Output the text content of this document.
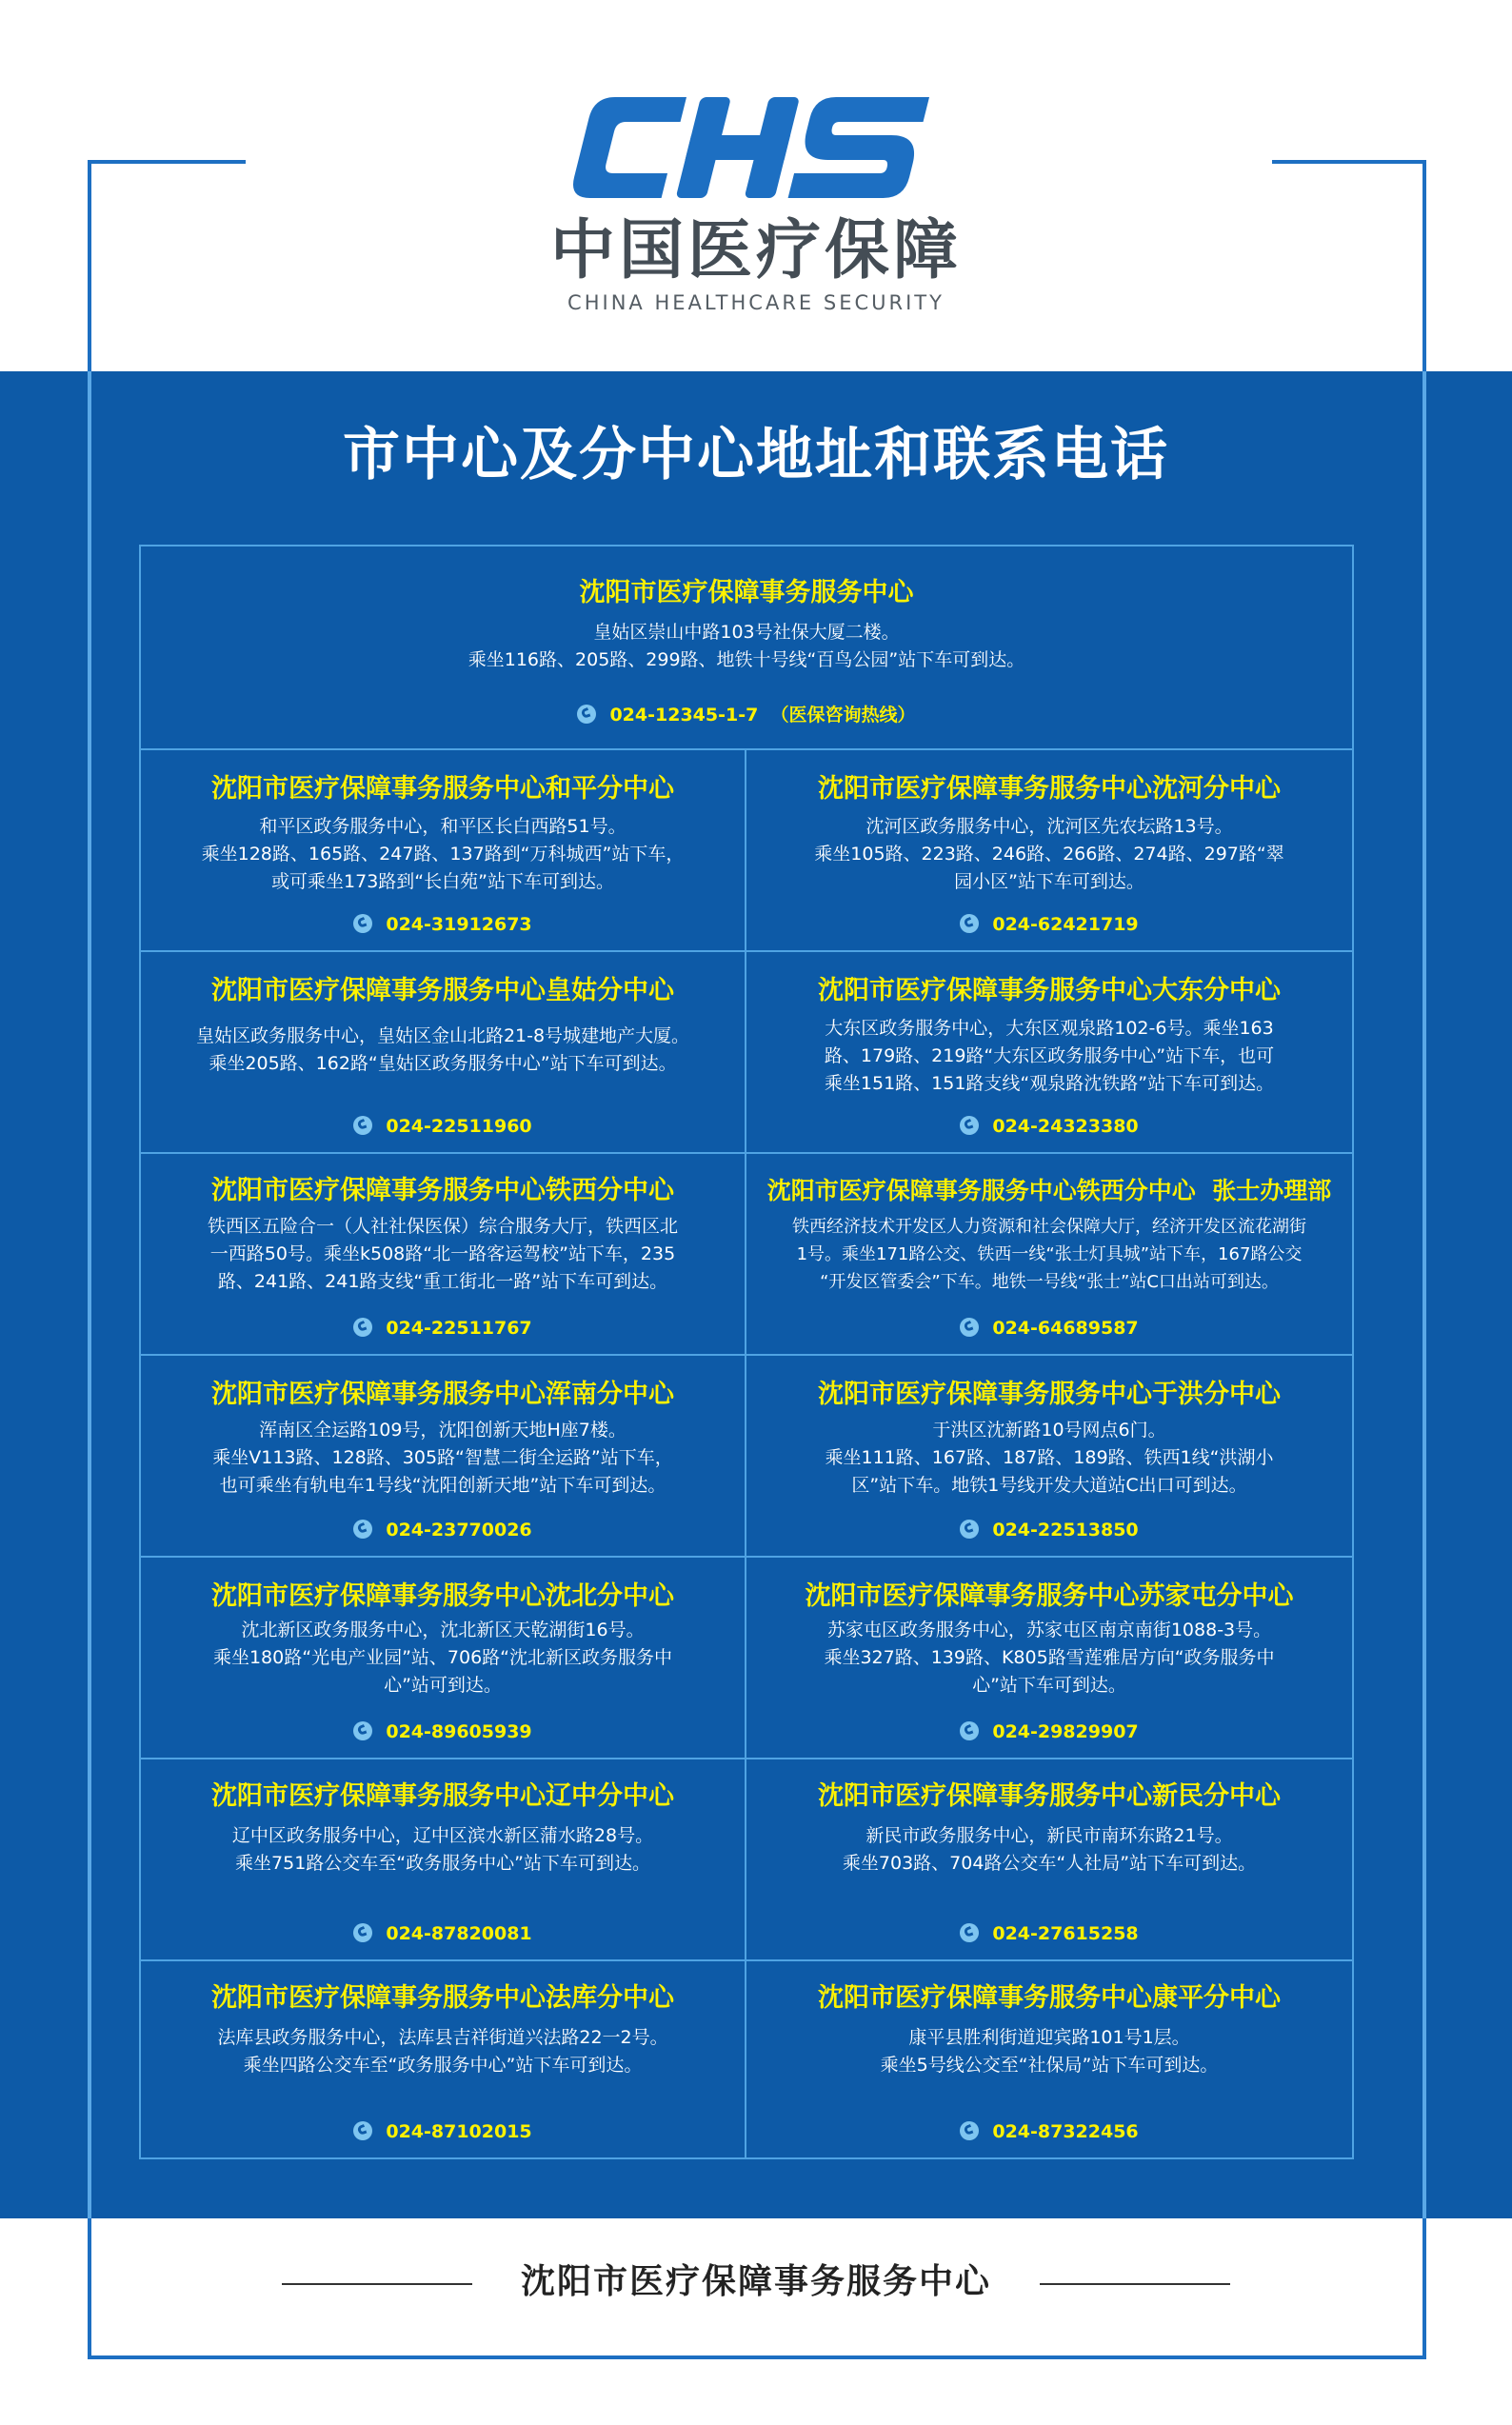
中国医疗保障
CHINA HEALTHCARE SECURITY
市中心及分中心地址和联系电话
沈阳市医疗保障事务服务中心
皇姑区崇山中路103号社保大厦二楼。
乘坐116路、205路、299路、地铁十号线“百鸟公园”站下车可到达。
024-12345-1-7  （医保咨询热线）
沈阳市医疗保障事务服务中心和平分中心
和平区政务服务中心，和平区长白西路51号。
乘坐128路、165路、247路、137路到“万科城西”站下车，
或可乘坐173路到“长白苑”站下车可到达。
024-31912673
沈阳市医疗保障事务服务中心沈河分中心
沈河区政务服务中心，沈河区先农坛路13号。
乘坐105路、223路、246路、266路、274路、297路“翠
园小区”站下车可到达。
024-62421719
沈阳市医疗保障事务服务中心皇姑分中心
皇姑区政务服务中心，皇姑区金山北路21-8号城建地产大厦。
乘坐205路、162路“皇姑区政务服务中心”站下车可到达。
024-22511960
沈阳市医疗保障事务服务中心大东分中心
大东区政务服务中心，大东区观泉路102-6号。乘坐163
路、179路、219路“大东区政务服务中心”站下车，也可
乘坐151路、151路支线“观泉路沈铁路”站下车可到达。
024-24323380
沈阳市医疗保障事务服务中心铁西分中心
铁西区五险合一（人社社保医保）综合服务大厅，铁西区北
一西路50号。乘坐k508路“北一路客运驾校”站下车，235
路、241路、241路支线“重工街北一路”站下车可到达。
024-22511767
沈阳市医疗保障事务服务中心铁西分中心  张士办理部
铁西经济技术开发区人力资源和社会保障大厅，经济开发区流花湖街
1号。乘坐171路公交、铁西一线“张士灯具城”站下车，167路公交
“开发区管委会”下车。地铁一号线“张士”站C口出站可到达。
024-64689587
沈阳市医疗保障事务服务中心浑南分中心
浑南区全运路109号，沈阳创新天地H座7楼。
乘坐V113路、128路、305路“智慧二街全运路”站下车，
也可乘坐有轨电车1号线“沈阳创新天地”站下车可到达。
024-23770026
沈阳市医疗保障事务服务中心于洪分中心
于洪区沈新路10号网点6门。
乘坐111路、167路、187路、189路、铁西1线“洪湖小
区”站下车。地铁1号线开发大道站C出口可到达。
024-22513850
沈阳市医疗保障事务服务中心沈北分中心
沈北新区政务服务中心，沈北新区天乾湖街16号。
乘坐180路“光电产业园”站、706路“沈北新区政务服务中
心”站可到达。
024-89605939
沈阳市医疗保障事务服务中心苏家屯分中心
苏家屯区政务服务中心，苏家屯区南京南街1088-3号。
乘坐327路、139路、K805路雪莲雅居方向“政务服务中
心”站下车可到达。
024-29829907
沈阳市医疗保障事务服务中心辽中分中心
辽中区政务服务中心，辽中区滨水新区蒲水路28号。
乘坐751路公交车至“政务服务中心”站下车可到达。
024-87820081
沈阳市医疗保障事务服务中心新民分中心
新民市政务服务中心，新民市南环东路21号。
乘坐703路、704路公交车“人社局”站下车可到达。
024-27615258
沈阳市医疗保障事务服务中心法库分中心
法库县政务服务中心，法库县吉祥街道兴法路22一2号。
乘坐四路公交车至“政务服务中心”站下车可到达。
024-87102015
沈阳市医疗保障事务服务中心康平分中心
康平县胜利街道迎宾路101号1层。
乘坐5号线公交至“社保局”站下车可到达。
024-87322456
沈阳市医疗保障事务服务中心
